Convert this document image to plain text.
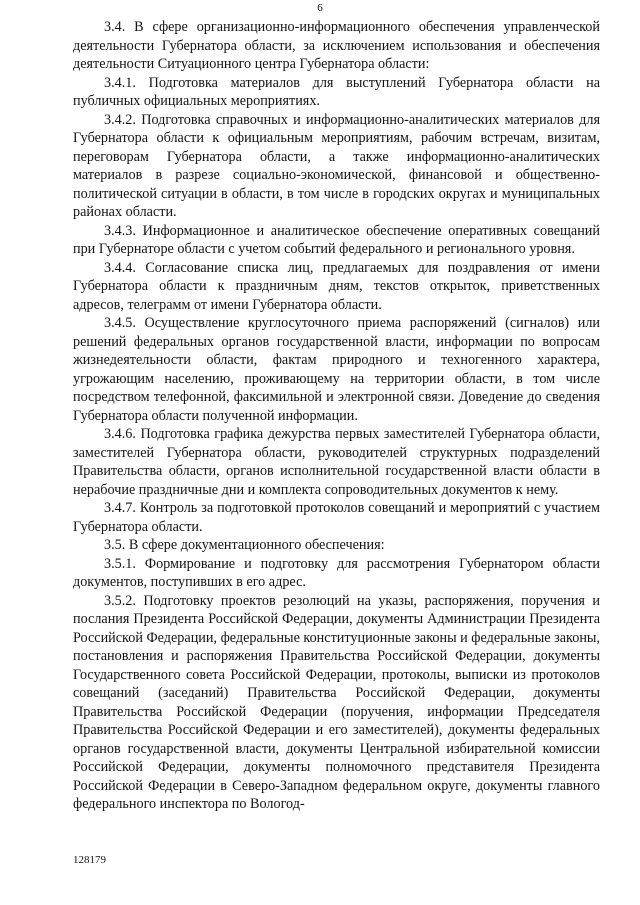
6

3.4. В сфере организационно-информационного обеспечения управленческой деятельности Губернатора области, за исключением использования и обеспечения деятельности Ситуационного центра Губернатора области:

3.4.1. Подготовка материалов для выступлений Губернатора области на публичных официальных мероприятиях.

3.4.2. Подготовка справочных и информационно-аналитических материалов для Губернатора области к официальным мероприятиям, рабочим встречам, визитам, переговорам Губернатора области, а также информационно-аналитических материалов в разрезе социально-экономической, финансовой и общественно-политической ситуации в области, в том числе в городских округах и муниципальных районах области.

3.4.3. Информационное и аналитическое обеспечение оперативных совещаний при Губернаторе области с учетом событий федерального и регионального уровня.

3.4.4. Согласование списка лиц, предлагаемых для поздравления от имени Губернатора области к праздничным дням, текстов открыток, приветственных адресов, телеграмм от имени Губернатора области.

3.4.5. Осуществление круглосуточного приема распоряжений (сигналов) или решений федеральных органов государственной власти, информации по вопросам жизнедеятельности области, фактам природного и техногенного характера, угрожающим населению, проживающему на территории области, в том числе посредством телефонной, факсимильной и электронной связи. Доведение до сведения Губернатора области полученной информации.

3.4.6. Подготовка графика дежурства первых заместителей Губернатора области, заместителей Губернатора области, руководителей структурных подразделений Правительства области, органов исполнительной государственной власти области в нерабочие праздничные дни и комплекта сопроводительных документов к нему.

3.4.7. Контроль за подготовкой протоколов совещаний и мероприятий с участием Губернатора области.

3.5. В сфере документационного обеспечения:

3.5.1. Формирование и подготовку для рассмотрения Губернатором области документов, поступивших в его адрес.

3.5.2. Подготовку проектов резолюций на указы, распоряжения, поручения и послания Президента Российской Федерации, документы Администрации Президента Российской Федерации, федеральные конституционные законы и федеральные законы, постановления и распоряжения Правительства Российской Федерации, документы Государственного совета Российской Федерации, протоколы, выписки из протоколов совещаний (заседаний) Правительства Российской Федерации, документы Правительства Российской Федерации (поручения, информации Председателя Правительства Российской Федерации и его заместителей), документы федеральных органов государственной власти, документы Центральной избирательной комиссии Российской Федерации, документы полномочного представителя Президента Российской Федерации в Северо-Западном федеральном округе, документы главного федерального инспектора по Вологод-

128179
